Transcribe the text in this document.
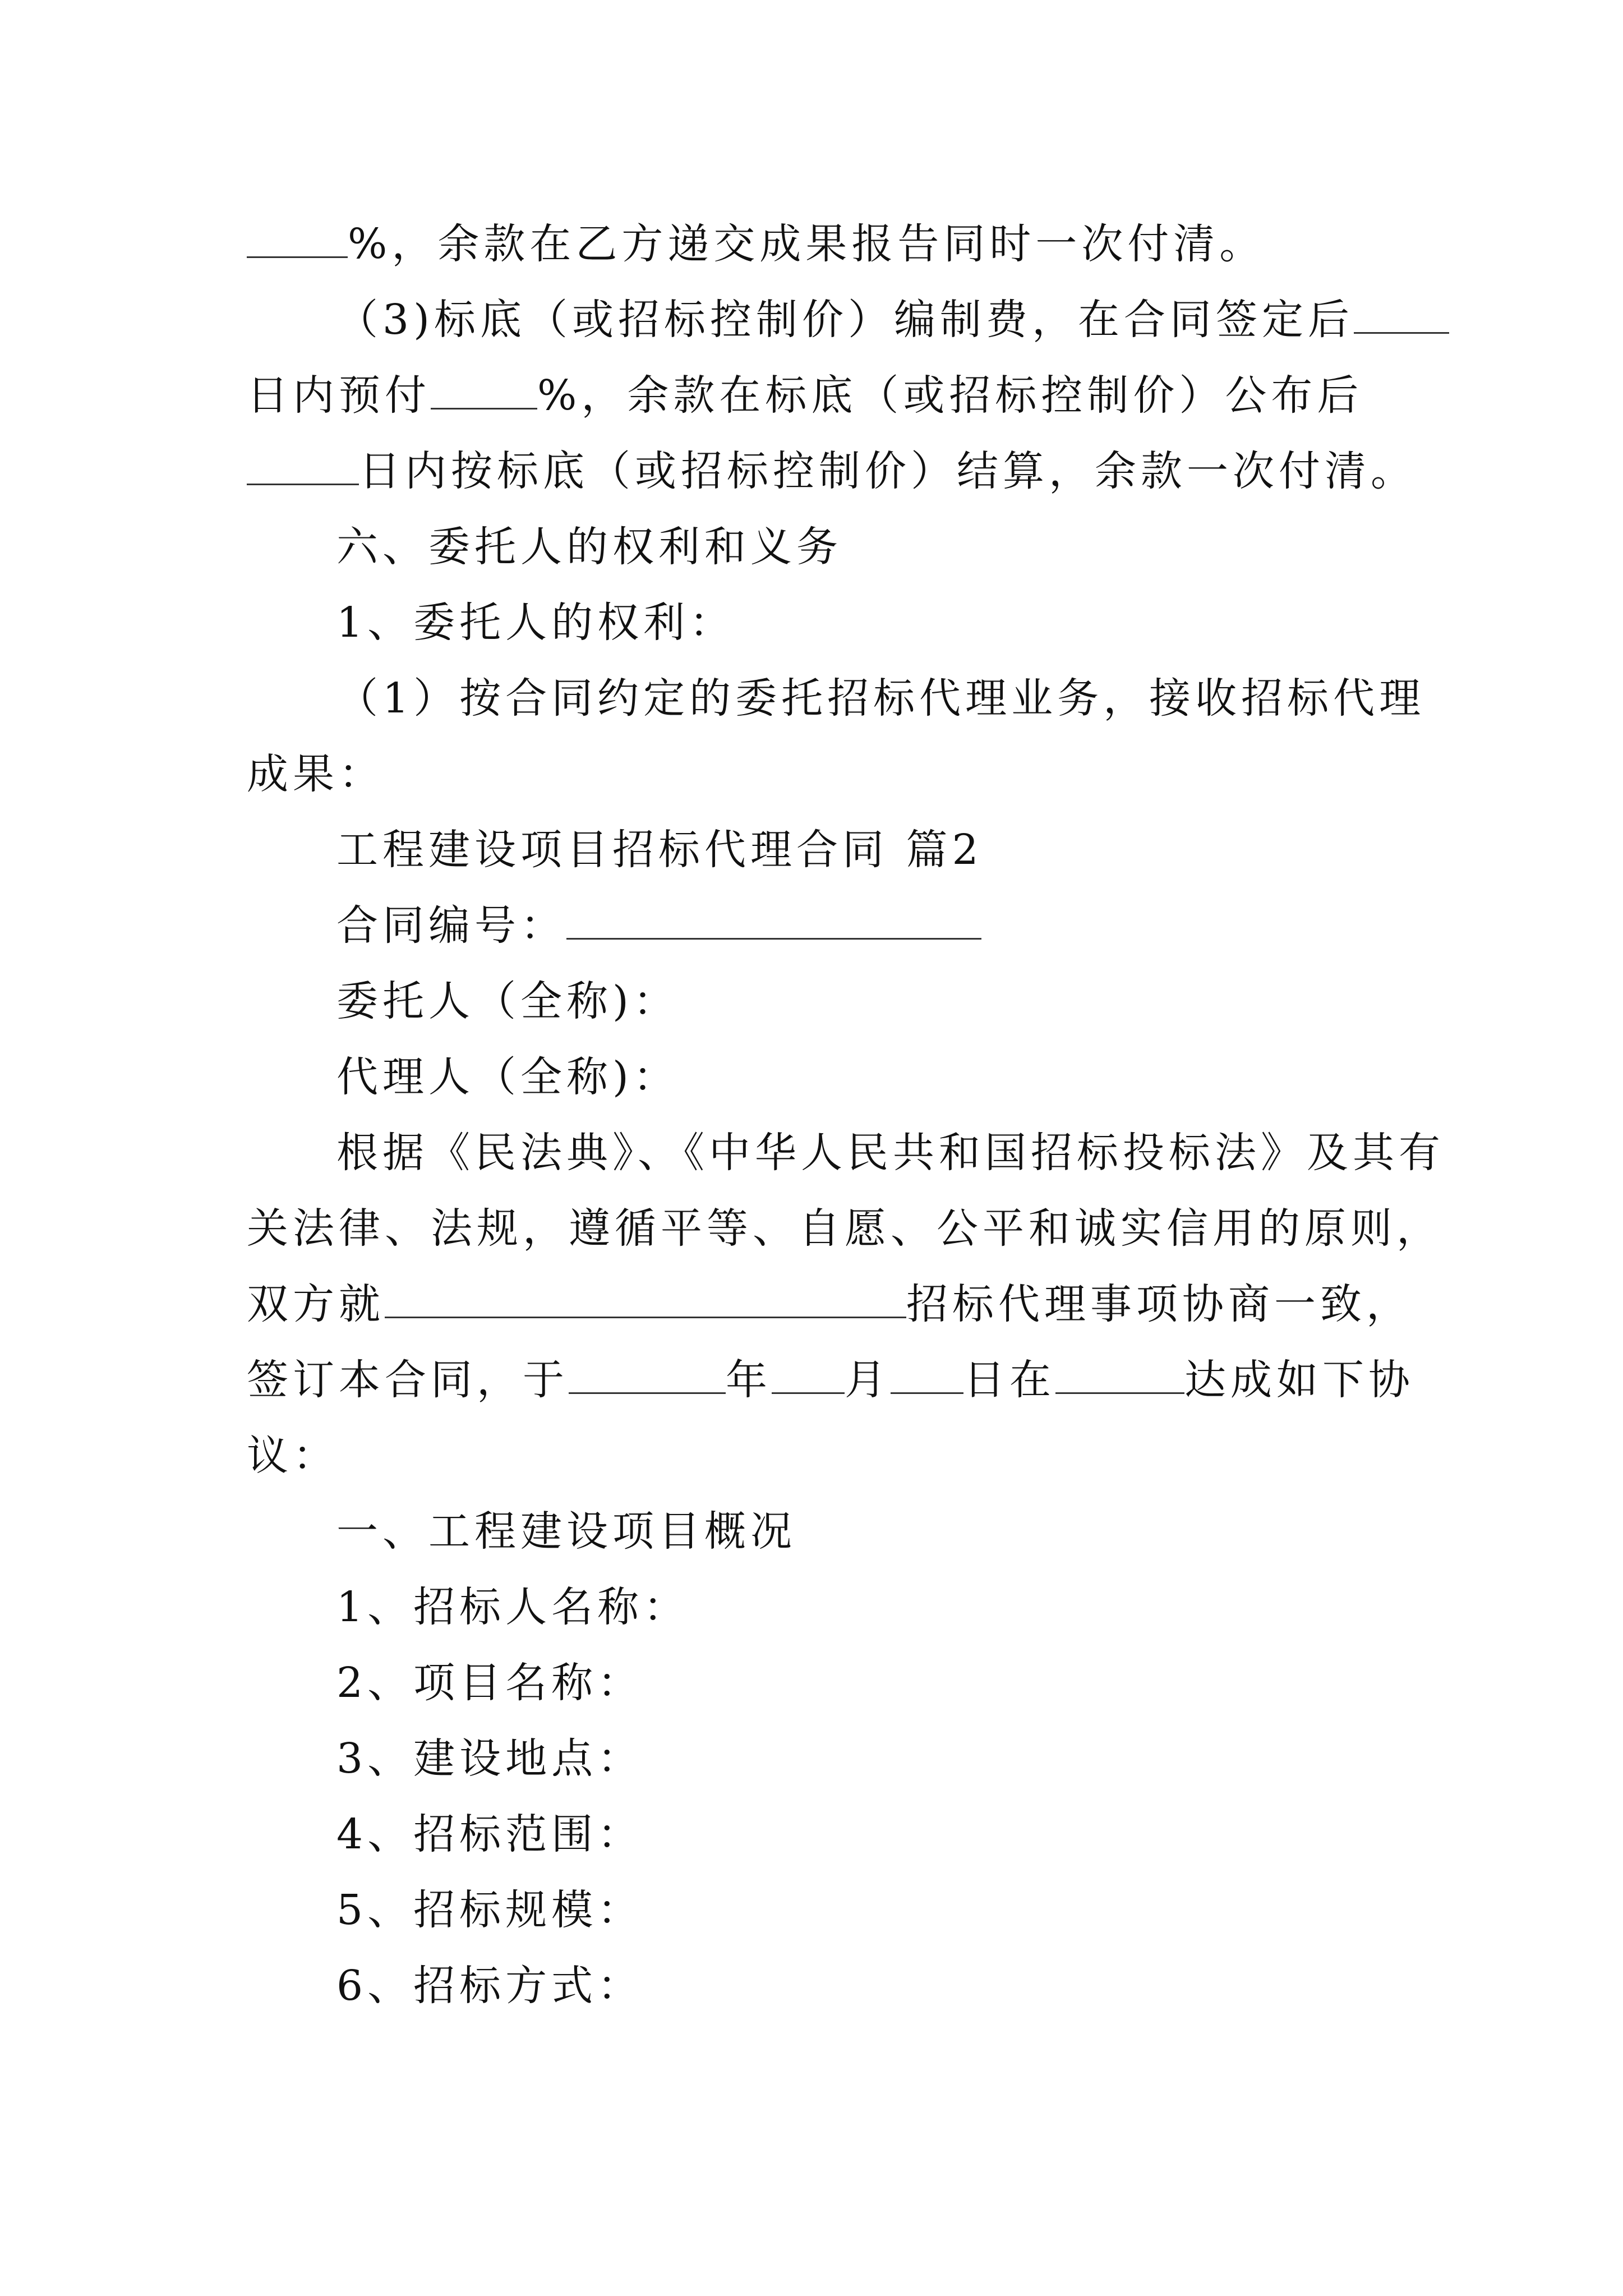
%，余款在乙方递交成果报告同时一次付清。
（3)标底（或招标控制价）编制费，在合同签定后
日内预付	%，余款在标底（或招标控制价）公布后
日内按标底（或招标控制价）结算，余款一次付清。
六、委托人的权利和义务
1、委托人的权利：
（1）按合同约定的委托招标代理业务，接收招标代理
成果：
工程建设项目招标代理合同 篇2
合同编号：
委托人（全称)：
代理人（全称)：
根据《民法典》、《中华人民共和国招标投标法》及其有
关法律、法规，遵循平等、自愿、公平和诚实信用的原则，
双方就	招标代理事项协商一致，
签订本合同，于	年 月 日在	达成如下协
议：
一、工程建设项目概况
1、招标人名称：
2、项目名称：
3、建设地点：
4、招标范围：
5、招标规模：
6、招标方式：
